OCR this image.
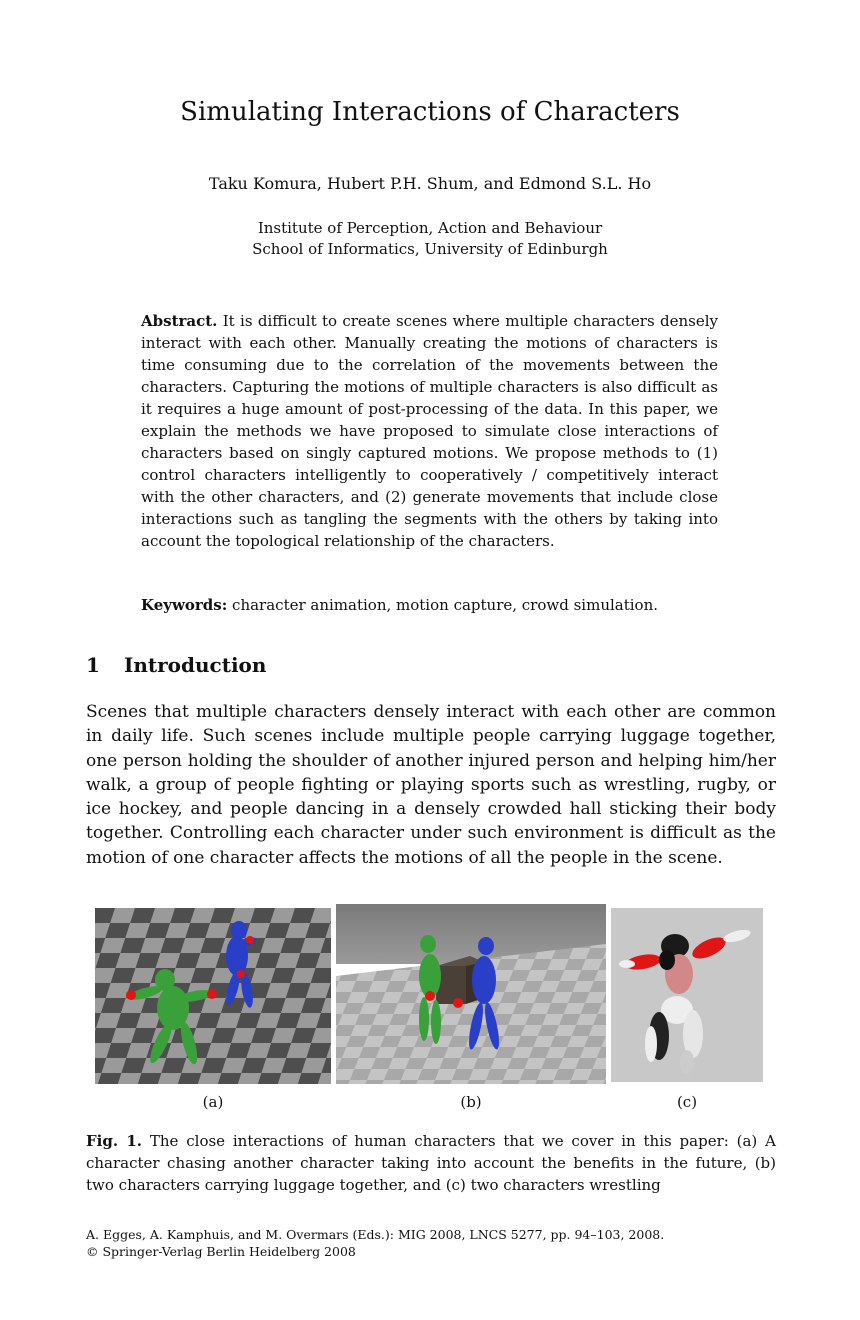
Simulating Interactions of Characters
Taku Komura, Hubert P.H. Shum, and Edmond S.L. Ho
Institute of Perception, Action and Behaviour
School of Informatics, University of Edinburgh
Abstract. It is difficult to create scenes where multiple characters densely interact with each other. Manually creating the motions of characters is time consuming due to the correlation of the movements between the characters. Capturing the motions of multiple characters is also difficult as it requires a huge amount of post-processing of the data. In this paper, we explain the methods we have proposed to simulate close interactions of characters based on singly captured motions. We propose methods to (1) control characters intelligently to cooperatively / competitively interact with the other characters, and (2) generate movements that include close interactions such as tangling the segments with the others by taking into account the topological relationship of the characters.
Keywords: character animation, motion capture, crowd simulation.
1 Introduction
Scenes that multiple characters densely interact with each other are common in daily life. Such scenes include multiple people carrying luggage together, one person holding the shoulder of another injured person and helping him/her walk, a group of people fighting or playing sports such as wrestling, rugby, or ice hockey, and people dancing in a densely crowded hall sticking their body together. Controlling each character under such environment is difficult as the motion of one character affects the motions of all the people in the scene.
(a)	(b)	(c)
Fig. 1. The close interactions of human characters that we cover in this paper: (a) A character chasing another character taking into account the benefits in the future, (b) two characters carrying luggage together, and (c) two characters wrestling
A. Egges, A. Kamphuis, and M. Overmars (Eds.): MIG 2008, LNCS 5277, pp. 94–103, 2008.
© Springer-Verlag Berlin Heidelberg 2008
